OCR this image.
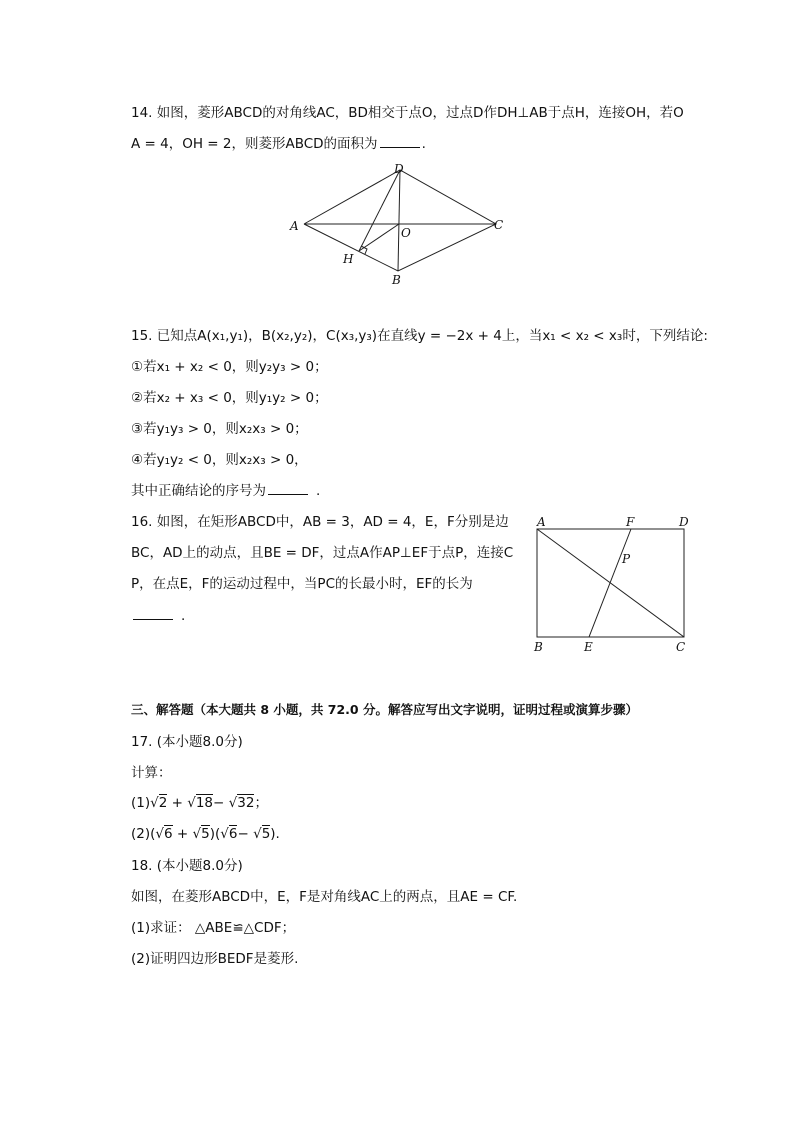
14. 如图，菱形ABCD的对角线AC，BD相交于点O，过点D作DH⊥AB于点H，连接OH，若O
A = 4，OH = 2，则菱形ABCD的面积为	.
A
D
C
O
H
B
15. 已知点A(x₁,y₁)，B(x₂,y₂)，C(x₃,y₃)在直线y = −2x + 4上，当x₁ < x₂ < x₃时，下列结论:
①若x₁ + x₂ < 0，则y₂y₃ > 0；
②若x₂ + x₃ < 0，则y₁y₂ > 0；
③若y₁y₃ > 0，则x₂x₃ > 0；
④若y₁y₂ < 0，则x₂x₃ > 0，
其中正确结论的序号为	.
16. 如图，在矩形ABCD中，AB = 3，AD = 4，E，F分别是边
BC，AD上的动点，且BE = DF，过点A作AP⊥EF于点P，连接C
P，在点E，F的运动过程中，当PC的长最小时，EF的长为
.
A	F	D
P
B	E	C
三、解答题（本大题共 8 小题，共 72.0 分。解答应写出文字说明，证明过程或演算步骤）
17. (本小题8.0分)
计算：
(1)√2 + √18− √32；
(2)(√6 + √5)(√6− √5).
18. (本小题8.0分)
如图，在菱形ABCD中，E，F是对角线AC上的两点，且AE = CF.
(1)求证： △ABE≌△CDF；
(2)证明四边形BEDF是菱形.
